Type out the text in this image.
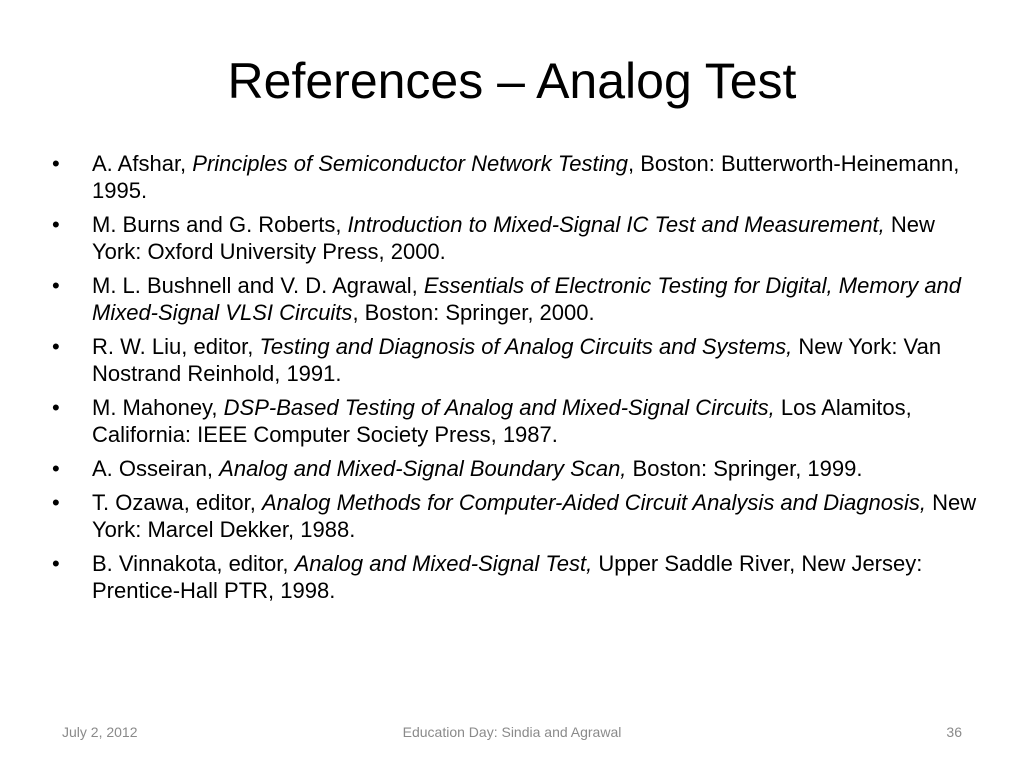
References – Analog Test
•	A. Afshar, Principles of Semiconductor Network Testing, Boston: Butterworth-Heinemann, 1995.
•	M. Burns and G. Roberts, Introduction to Mixed-Signal IC Test and Measurement, New York: Oxford University Press, 2000.
•	M. L. Bushnell and V. D. Agrawal, Essentials of Electronic Testing for Digital, Memory and Mixed-Signal VLSI Circuits, Boston: Springer, 2000.
•	R. W. Liu, editor, Testing and Diagnosis of Analog Circuits and Systems, New York: Van Nostrand Reinhold, 1991.
•	M. Mahoney, DSP-Based Testing of Analog and Mixed-Signal Circuits, Los Alamitos, California: IEEE Computer Society Press, 1987.
•	A. Osseiran, Analog and Mixed-Signal Boundary Scan, Boston: Springer, 1999.
•	T. Ozawa, editor, Analog Methods for Computer-Aided Circuit Analysis and Diagnosis, New York: Marcel Dekker, 1988.
•	B. Vinnakota, editor, Analog and Mixed-Signal Test, Upper Saddle River, New Jersey: Prentice-Hall PTR, 1998.
July 2, 2012	Education Day: Sindia and Agrawal	36
